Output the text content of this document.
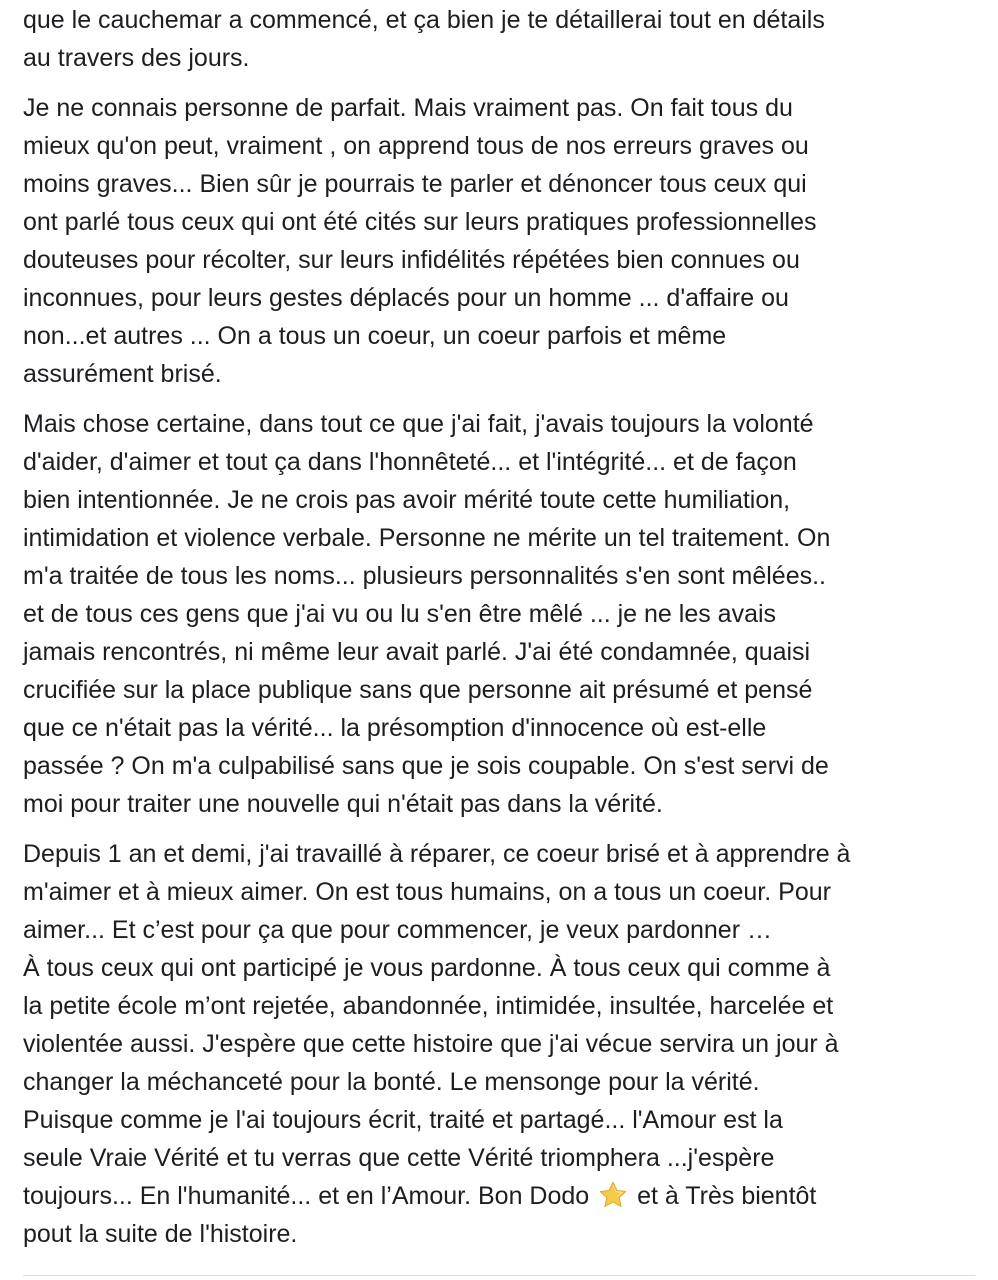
que le cauchemar a commencé, et ça bien je te détaillerai tout en détails
au travers des jours.

Je ne connais personne de parfait. Mais vraiment pas. On fait tous du
mieux qu'on peut, vraiment , on apprend tous de nos erreurs graves ou
moins graves... Bien sûr je pourrais te parler et dénoncer tous ceux qui
ont parlé tous ceux qui ont été cités sur leurs pratiques professionnelles
douteuses pour récolter, sur leurs infidélités répétées bien connues ou
inconnues, pour leurs gestes déplacés pour un homme ... d'affaire ou
non...et autres ... On a tous un coeur, un coeur parfois et même
assurément brisé.

Mais chose certaine, dans tout ce que j'ai fait, j'avais toujours la volonté
d'aider, d'aimer et tout ça dans l'honnêteté... et l'intégrité... et de façon
bien intentionnée. Je ne crois pas avoir mérité toute cette humiliation,
intimidation et violence verbale. Personne ne mérite un tel traitement. On
m'a traitée de tous les noms... plusieurs personnalités s'en sont mêlées..
et de tous ces gens que j'ai vu ou lu s'en être mêlé ... je ne les avais
jamais rencontrés, ni même leur avait parlé. J'ai été condamnée, quaisi
crucifiée sur la place publique sans que personne ait présumé et pensé
que ce n'était pas la vérité... la présomption d'innocence où est-elle
passée ? On m'a culpabilisé sans que je sois coupable. On s'est servi de
moi pour traiter une nouvelle qui n'était pas dans la vérité.

Depuis 1 an et demi, j'ai travaillé à réparer, ce coeur brisé et à apprendre à
m'aimer et à mieux aimer. On est tous humains, on a tous un coeur. Pour
aimer... Et c’est pour ça que pour commencer, je veux pardonner …
À tous ceux qui ont participé je vous pardonne. À tous ceux qui comme à
la petite école m’ont rejetée, abandonnée, intimidée, insultée, harcelée et
violentée aussi. J'espère que cette histoire que j'ai vécue servira un jour à
changer la méchanceté pour la bonté. Le mensonge pour la vérité.
Puisque comme je l'ai toujours écrit, traité et partagé... l'Amour est la
seule Vraie Vérité et tu verras que cette Vérité triomphera ...j'espère
toujours... En l'humanité... et en l’Amour. Bon Dodo et à Très bientôt
pout la suite de l'histoire.
